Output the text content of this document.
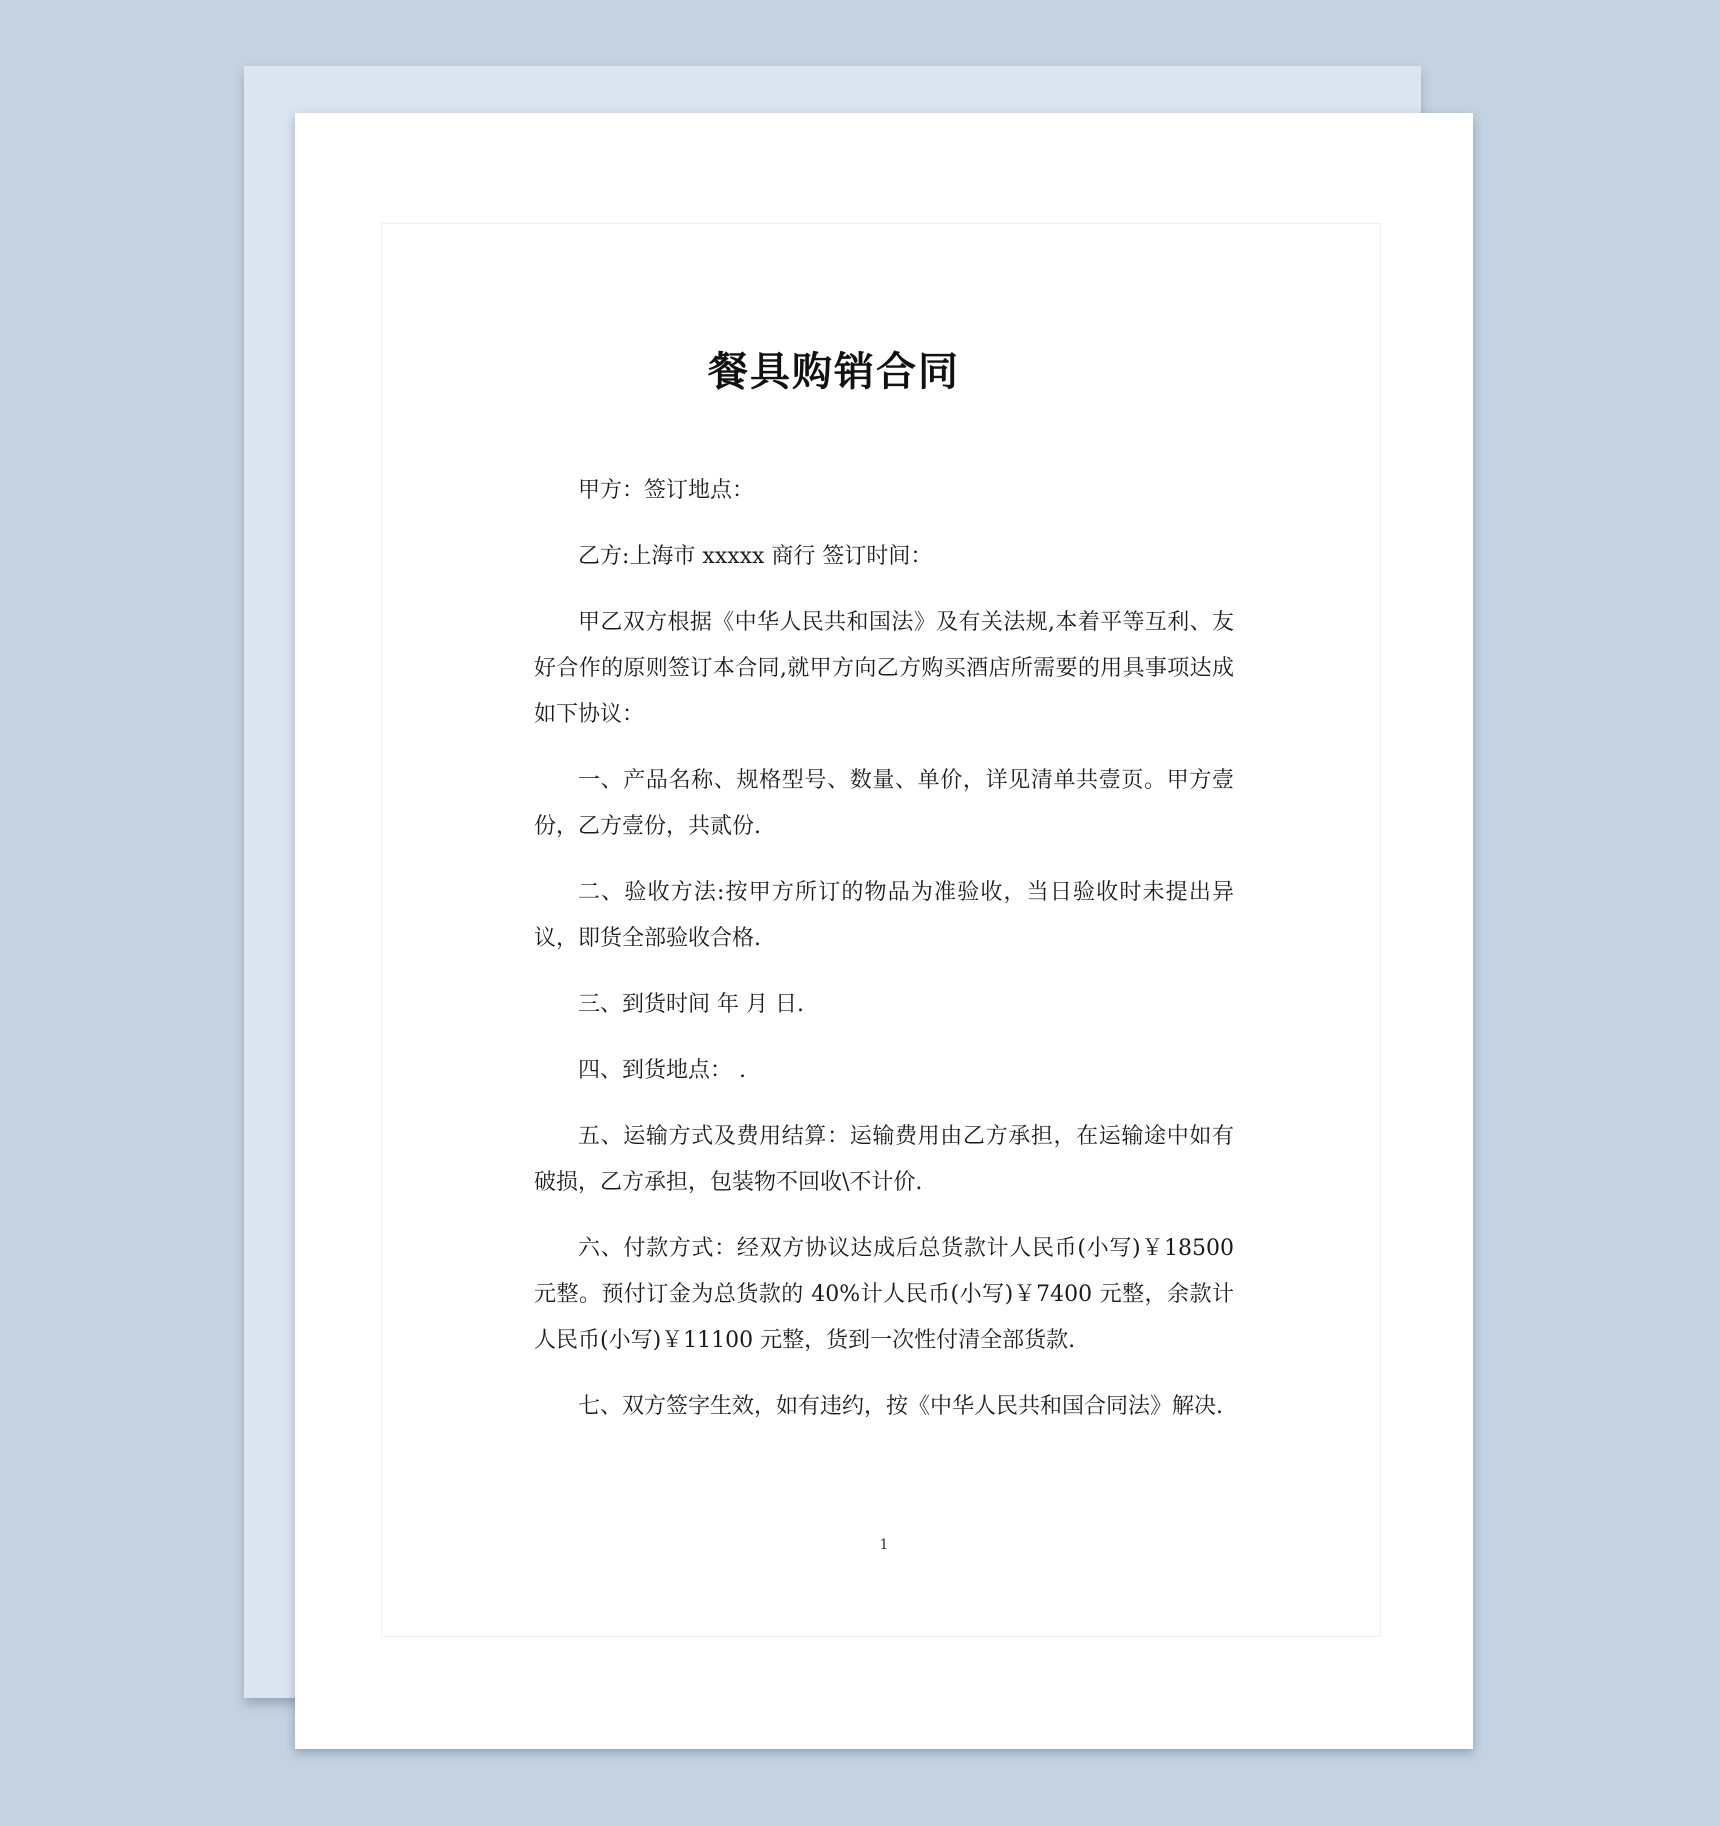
餐具购销合同

甲方：签订地点：

乙方:上海市 xxxxx 商行 签订时间：

甲乙双方根据《中华人民共和国法》及有关法规,本着平等互利、友好合作的原则签订本合同,就甲方向乙方购买酒店所需要的用具事项达成如下协议：

一、产品名称、规格型号、数量、单价，详见清单共壹页。甲方壹份，乙方壹份，共贰份.

二、验收方法:按甲方所订的物品为准验收，当日验收时未提出异议，即货全部验收合格.

三、到货时间 年 月 日.

四、到货地点： .

五、运输方式及费用结算：运输费用由乙方承担，在运输途中如有破损，乙方承担，包装物不回收\不计价.

六、付款方式：经双方协议达成后总货款计人民币(小写)￥18500 元整。预付订金为总货款的 40%计人民币(小写)￥7400 元整，余款计人民币(小写)￥11100 元整，货到一次性付清全部货款.

七、双方签字生效，如有违约，按《中华人民共和国合同法》解决.

1
